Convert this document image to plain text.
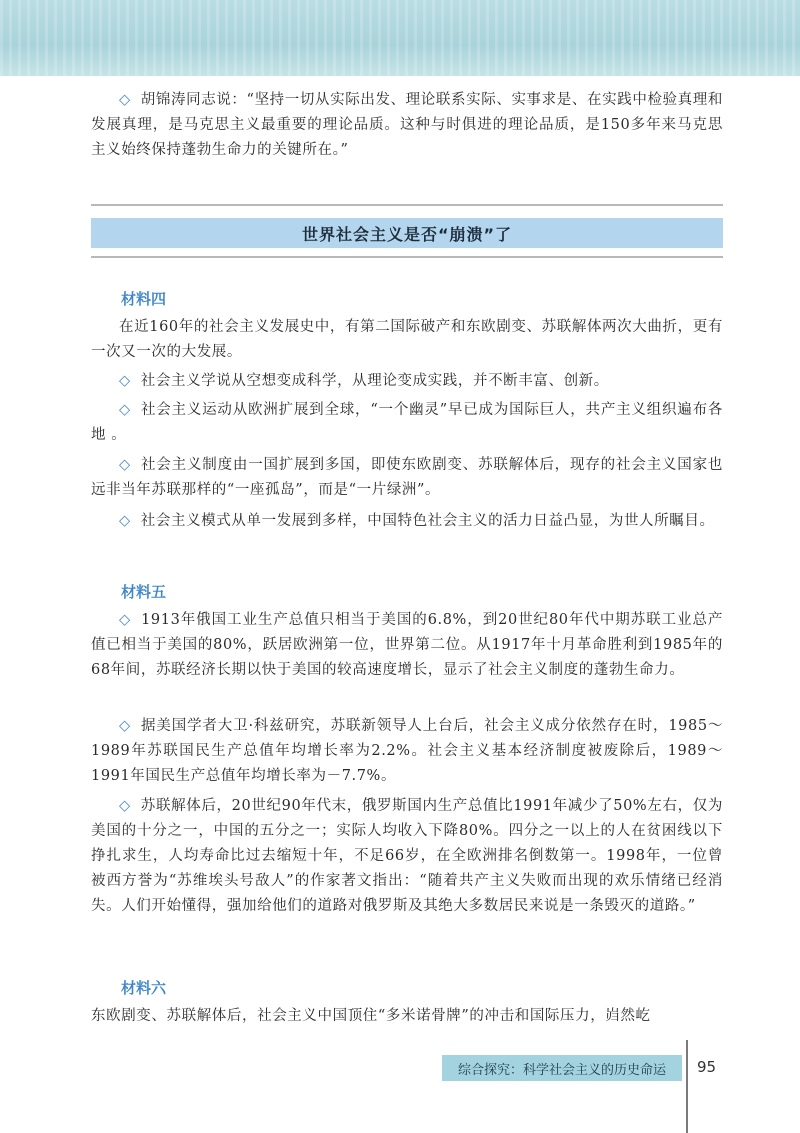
◇ 胡锦涛同志说：“坚持一切从实际出发、理论联系实际、实事求是、在实践中检验真理和发展真理，是马克思主义最重要的理论品质。这种与时俱进的理论品质，是150多年来马克思主义始终保持蓬勃生命力的关键所在。”

世界社会主义是否“崩溃”了
材料四

在近160年的社会主义发展史中，有第二国际破产和东欧剧变、苏联解体两次大曲折，更有一次又一次的大发展。

◇ 社会主义学说从空想变成科学，从理论变成实践，并不断丰富、创新。

◇ 社会主义运动从欧洲扩展到全球，“一个幽灵”早已成为国际巨人，共产主义组织遍布各地 。

◇ 社会主义制度由一国扩展到多国，即使东欧剧变、苏联解体后，现存的社会主义国家也远非当年苏联那样的“一座孤岛”，而是“一片绿洲”。

◇ 社会主义模式从单一发展到多样，中国特色社会主义的活力日益凸显，为世人所瞩目。

材料五

◇ 1913年俄国工业生产总值只相当于美国的6.8%，到20世纪80年代中期苏联工业总产值已相当于美国的80%，跃居欧洲第一位，世界第二位。从1917年十月革命胜利到1985年的68年间，苏联经济长期以快于美国的较高速度增长，显示了社会主义制度的蓬勃生命力。

◇ 据美国学者大卫·科兹研究，苏联新领导人上台后，社会主义成分依然存在时，1985～1989年苏联国民生产总值年均增长率为2.2%。社会主义基本经济制度被废除后，1989～1991年国民生产总值年均增长率为－7.7%。

◇ 苏联解体后，20世纪90年代末，俄罗斯国内生产总值比1991年减少了50%左右，仅为美国的十分之一，中国的五分之一；实际人均收入下降80%。四分之一以上的人在贫困线以下挣扎求生，人均寿命比过去缩短十年，不足66岁，在全欧洲排名倒数第一。1998年，一位曾被西方誉为“苏维埃头号敌人”的作家著文指出：“随着共产主义失败而出现的欢乐情绪已经消失。人们开始懂得，强加给他们的道路对俄罗斯及其绝大多数居民来说是一条毁灭的道路。”

材料六

东欧剧变、苏联解体后，社会主义中国顶住“多米诺骨牌”的冲击和国际压力，岿然屹

综合探究：科学社会主义的历史命运	95
